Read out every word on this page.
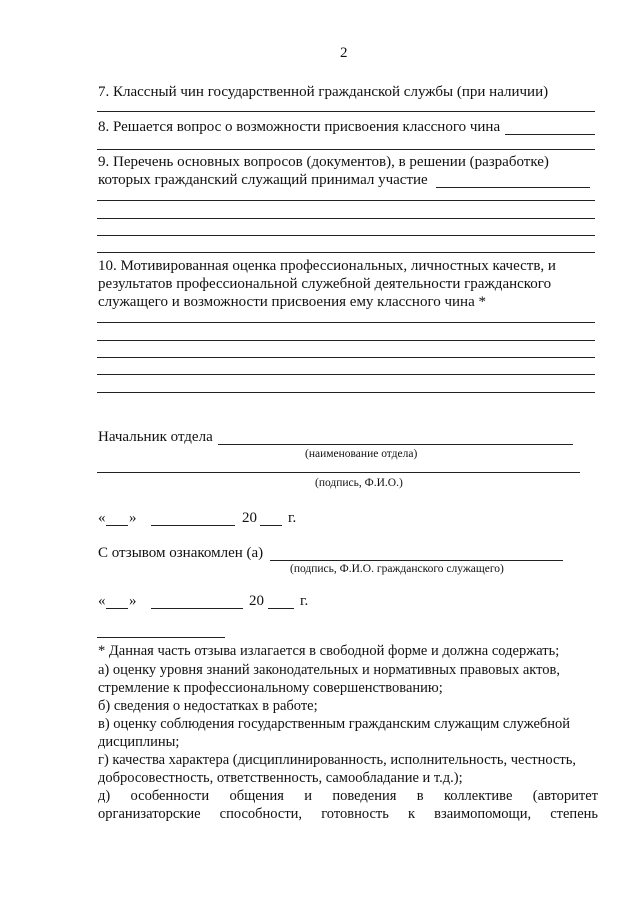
2
7. Классный чин государственной гражданской службы (при наличии)
8. Решается вопрос о возможности присвоения классного чина
9. Перечень основных вопросов (документов), в решении (разработке)
которых гражданский служащий принимал участие
10. Мотивированная оценка профессиональных, личностных качеств, и
результатов профессиональной служебной деятельности гражданского
служащего и возможности присвоения ему классного чина *
Начальник отдела
(наименование отдела)
(подпись, Ф.И.О.)
« »	20 г.
С отзывом ознакомлен (а)
(подпись, Ф.И.О. гражданского служащего)
« »	20 г.
* Данная часть отзыва излагается в свободной форме и должна содержать;
а) оценку уровня знаний законодательных и нормативных правовых актов,
стремление к профессиональному совершенствованию;
б) сведения о недостатках в работе;
в) оценку соблюдения государственным гражданским служащим служебной
дисциплины;
г) качества характера (дисциплинированность, исполнительность, честность,
добросовестность, ответственность, самообладание и т.д.);
д) особенности общения и поведения в коллективе (авторитет
организаторские способности, готовность к взаимопомощи, степень
